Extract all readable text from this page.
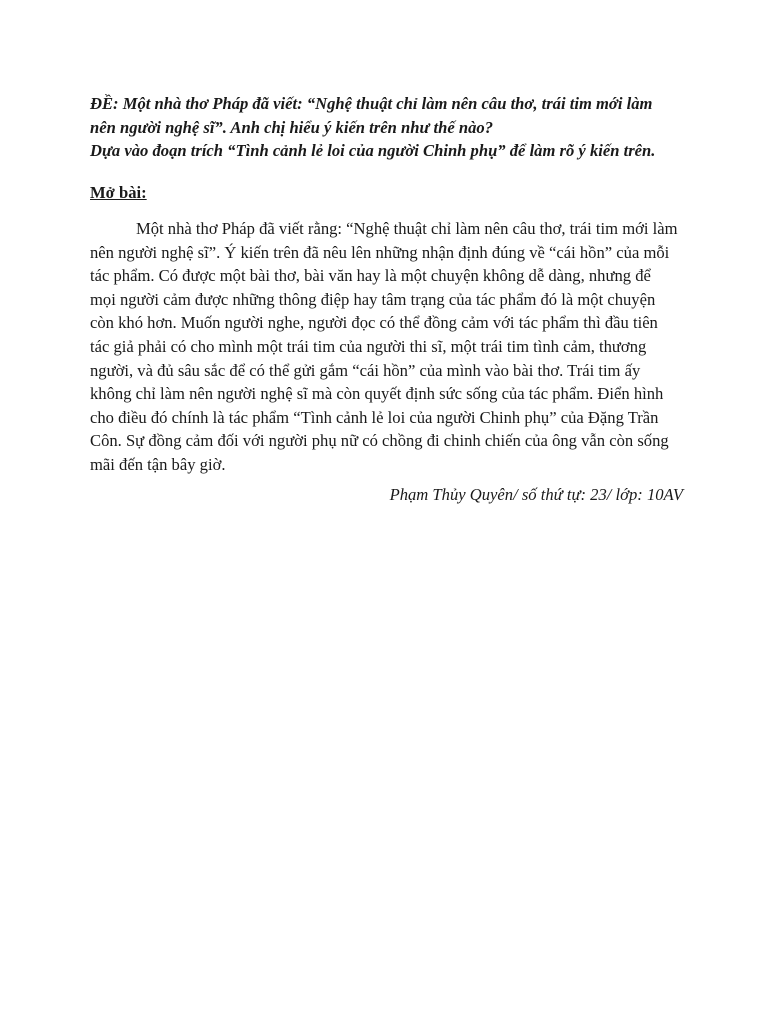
ĐỀ: Một nhà thơ Pháp đã viết: “Nghệ thuật chỉ làm nên câu thơ, trái tim mới làm nên người nghệ sĩ”. Anh chị hiểu ý kiến trên như thế nào?
Dựa vào đoạn trích “Tình cảnh lẻ loi của người Chinh phụ” để làm rõ ý kiến trên.

Mở bài:

Một nhà thơ Pháp đã viết rằng: “Nghệ thuật chỉ làm nên câu thơ, trái tim mới làm nên người nghệ sĩ”. Ý kiến trên đã nêu lên những nhận định đúng về “cái hồn” của mỗi tác phẩm. Có được một bài thơ, bài văn hay là một chuyện không dễ dàng, nhưng để mọi người cảm được những thông điệp hay tâm trạng của tác phẩm đó là một chuyện còn khó hơn. Muốn người nghe, người đọc có thể đồng cảm với tác phẩm thì đầu tiên tác giả phải có cho mình một trái tim của người thi sĩ, một trái tim tình cảm, thương người, và đủ sâu sắc để có thể gửi gắm “cái hồn” của mình vào bài thơ. Trái tim ấy không chỉ làm nên người nghệ sĩ mà còn quyết định sức sống của tác phẩm. Điển hình cho điều đó chính là tác phẩm “Tình cảnh lẻ loi của người Chinh phụ” của Đặng Trần Côn. Sự đồng cảm đối với người phụ nữ có chồng đi chinh chiến của ông vẫn còn sống mãi đến tận bây giờ.

Phạm Thủy Quyên/ số thứ tự: 23/ lớp: 10AV
